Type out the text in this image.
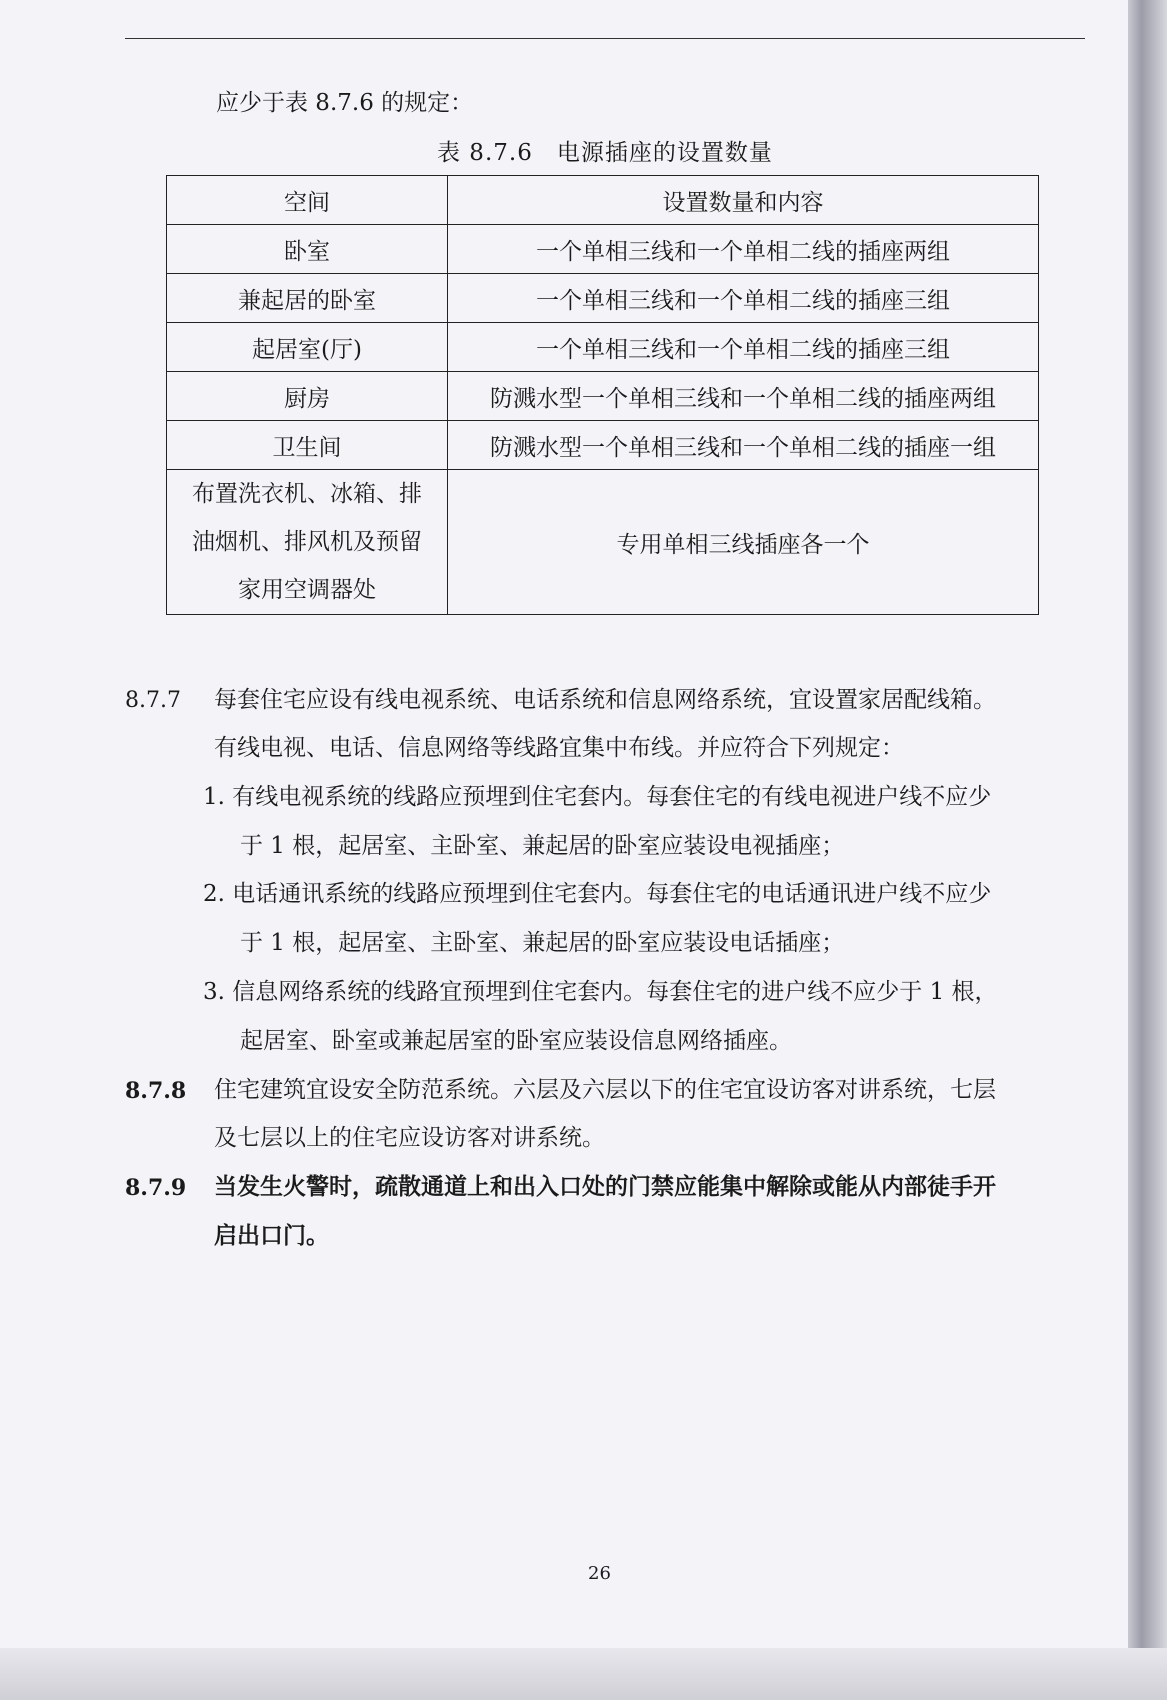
应少于表 8.7.6 的规定：
表 8.7.6　电源插座的设置数量
空间	设置数量和内容
卧室	一个单相三线和一个单相二线的插座两组
兼起居的卧室	一个单相三线和一个单相二线的插座三组
起居室(厅)	一个单相三线和一个单相二线的插座三组
厨房	防溅水型一个单相三线和一个单相二线的插座两组
卫生间	防溅水型一个单相三线和一个单相二线的插座一组

布置洗衣机、冰箱、排
油烟机、排风机及预留
家用空调器处	专用单相三线插座各一个
8.7.7 每套住宅应设有线电视系统、电话系统和信息网络系统，宜设置家居配线箱。
有线电视、电话、信息网络等线路宜集中布线。并应符合下列规定：
1. 有线电视系统的线路应预埋到住宅套内。每套住宅的有线电视进户线不应少
于 1 根，起居室、主卧室、兼起居的卧室应装设电视插座；
2. 电话通讯系统的线路应预埋到住宅套内。每套住宅的电话通讯进户线不应少
于 1 根，起居室、主卧室、兼起居的卧室应装设电话插座；
3. 信息网络系统的线路宜预埋到住宅套内。每套住宅的进户线不应少于 1 根，
起居室、卧室或兼起居室的卧室应装设信息网络插座。
8.7.8 住宅建筑宜设安全防范系统。六层及六层以下的住宅宜设访客对讲系统，七层
及七层以上的住宅应设访客对讲系统。
8.7.9 当发生火警时，疏散通道上和出入口处的门禁应能集中解除或能从内部徒手开
启出口门。
26
